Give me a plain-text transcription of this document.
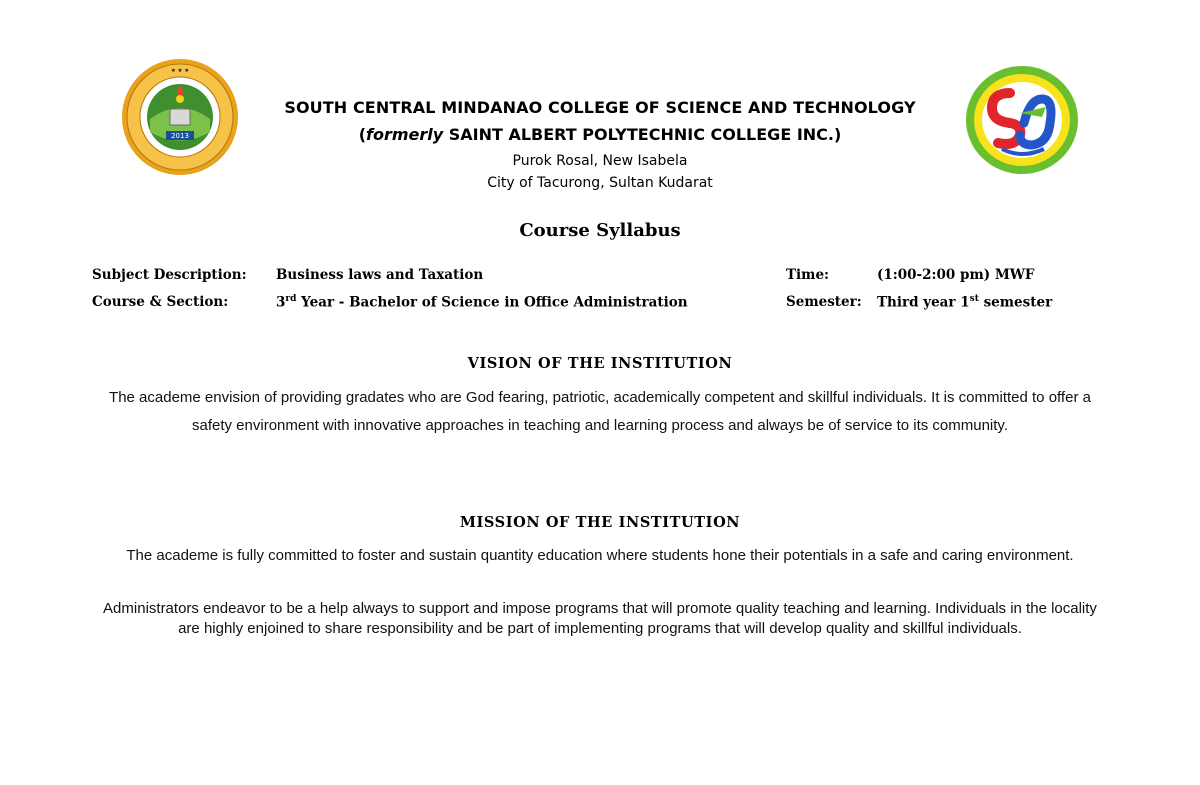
2013
★ ★ ★
SOUTH CENTRAL MINDANAO COLLEGE OF SCIENCE AND TECHNOLOGY
(formerly SAINT ALBERT POLYTECHNIC COLLEGE INC.)
Purok Rosal, New Isabela
City of Tacurong, Sultan Kudarat
Course Syllabus
Subject Description: Business laws and Taxation	Time:	(1:00-2:00 pm) MWF
Course & Section:	3rd Year - Bachelor of Science in Office Administration	Semester: Third year 1st semester
VISION OF THE INSTITUTION
The academe envision of providing gradates who are God fearing, patriotic, academically competent and skillful individuals. It is committed to offer a safety environment with innovative approaches in teaching and learning process and always be of service to its community.
MISSION OF THE INSTITUTION
The academe is fully committed to foster and sustain quantity education where students hone their potentials in a safe and caring environment.
Administrators endeavor to be a help always to support and impose programs that will promote quality teaching and learning. Individuals in the locality are highly enjoined to share responsibility and be part of implementing programs that will develop quality and skillful individuals.
